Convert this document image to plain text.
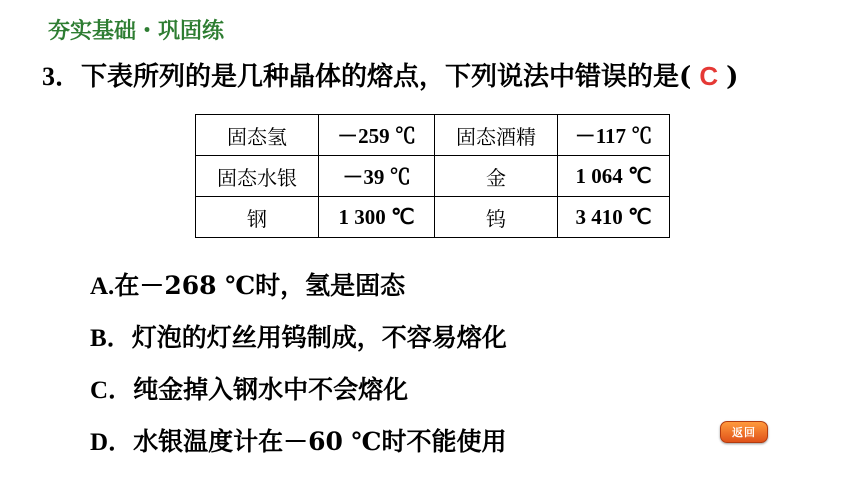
夯实基础・巩固练
3．下表所列的是几种晶体的熔点，下列说法中错误的是( C )
固态氢	－259 ℃	固态酒精	－117 ℃
固态水银	－39 ℃	金	1 064 ℃
钢	1 300 ℃	钨	3 410 ℃
A.在－268 ℃时，氢是固态
B．灯泡的灯丝用钨制成，不容易熔化
C．纯金掉入钢水中不会熔化
D．水银温度计在－60 ℃时不能使用	返回
